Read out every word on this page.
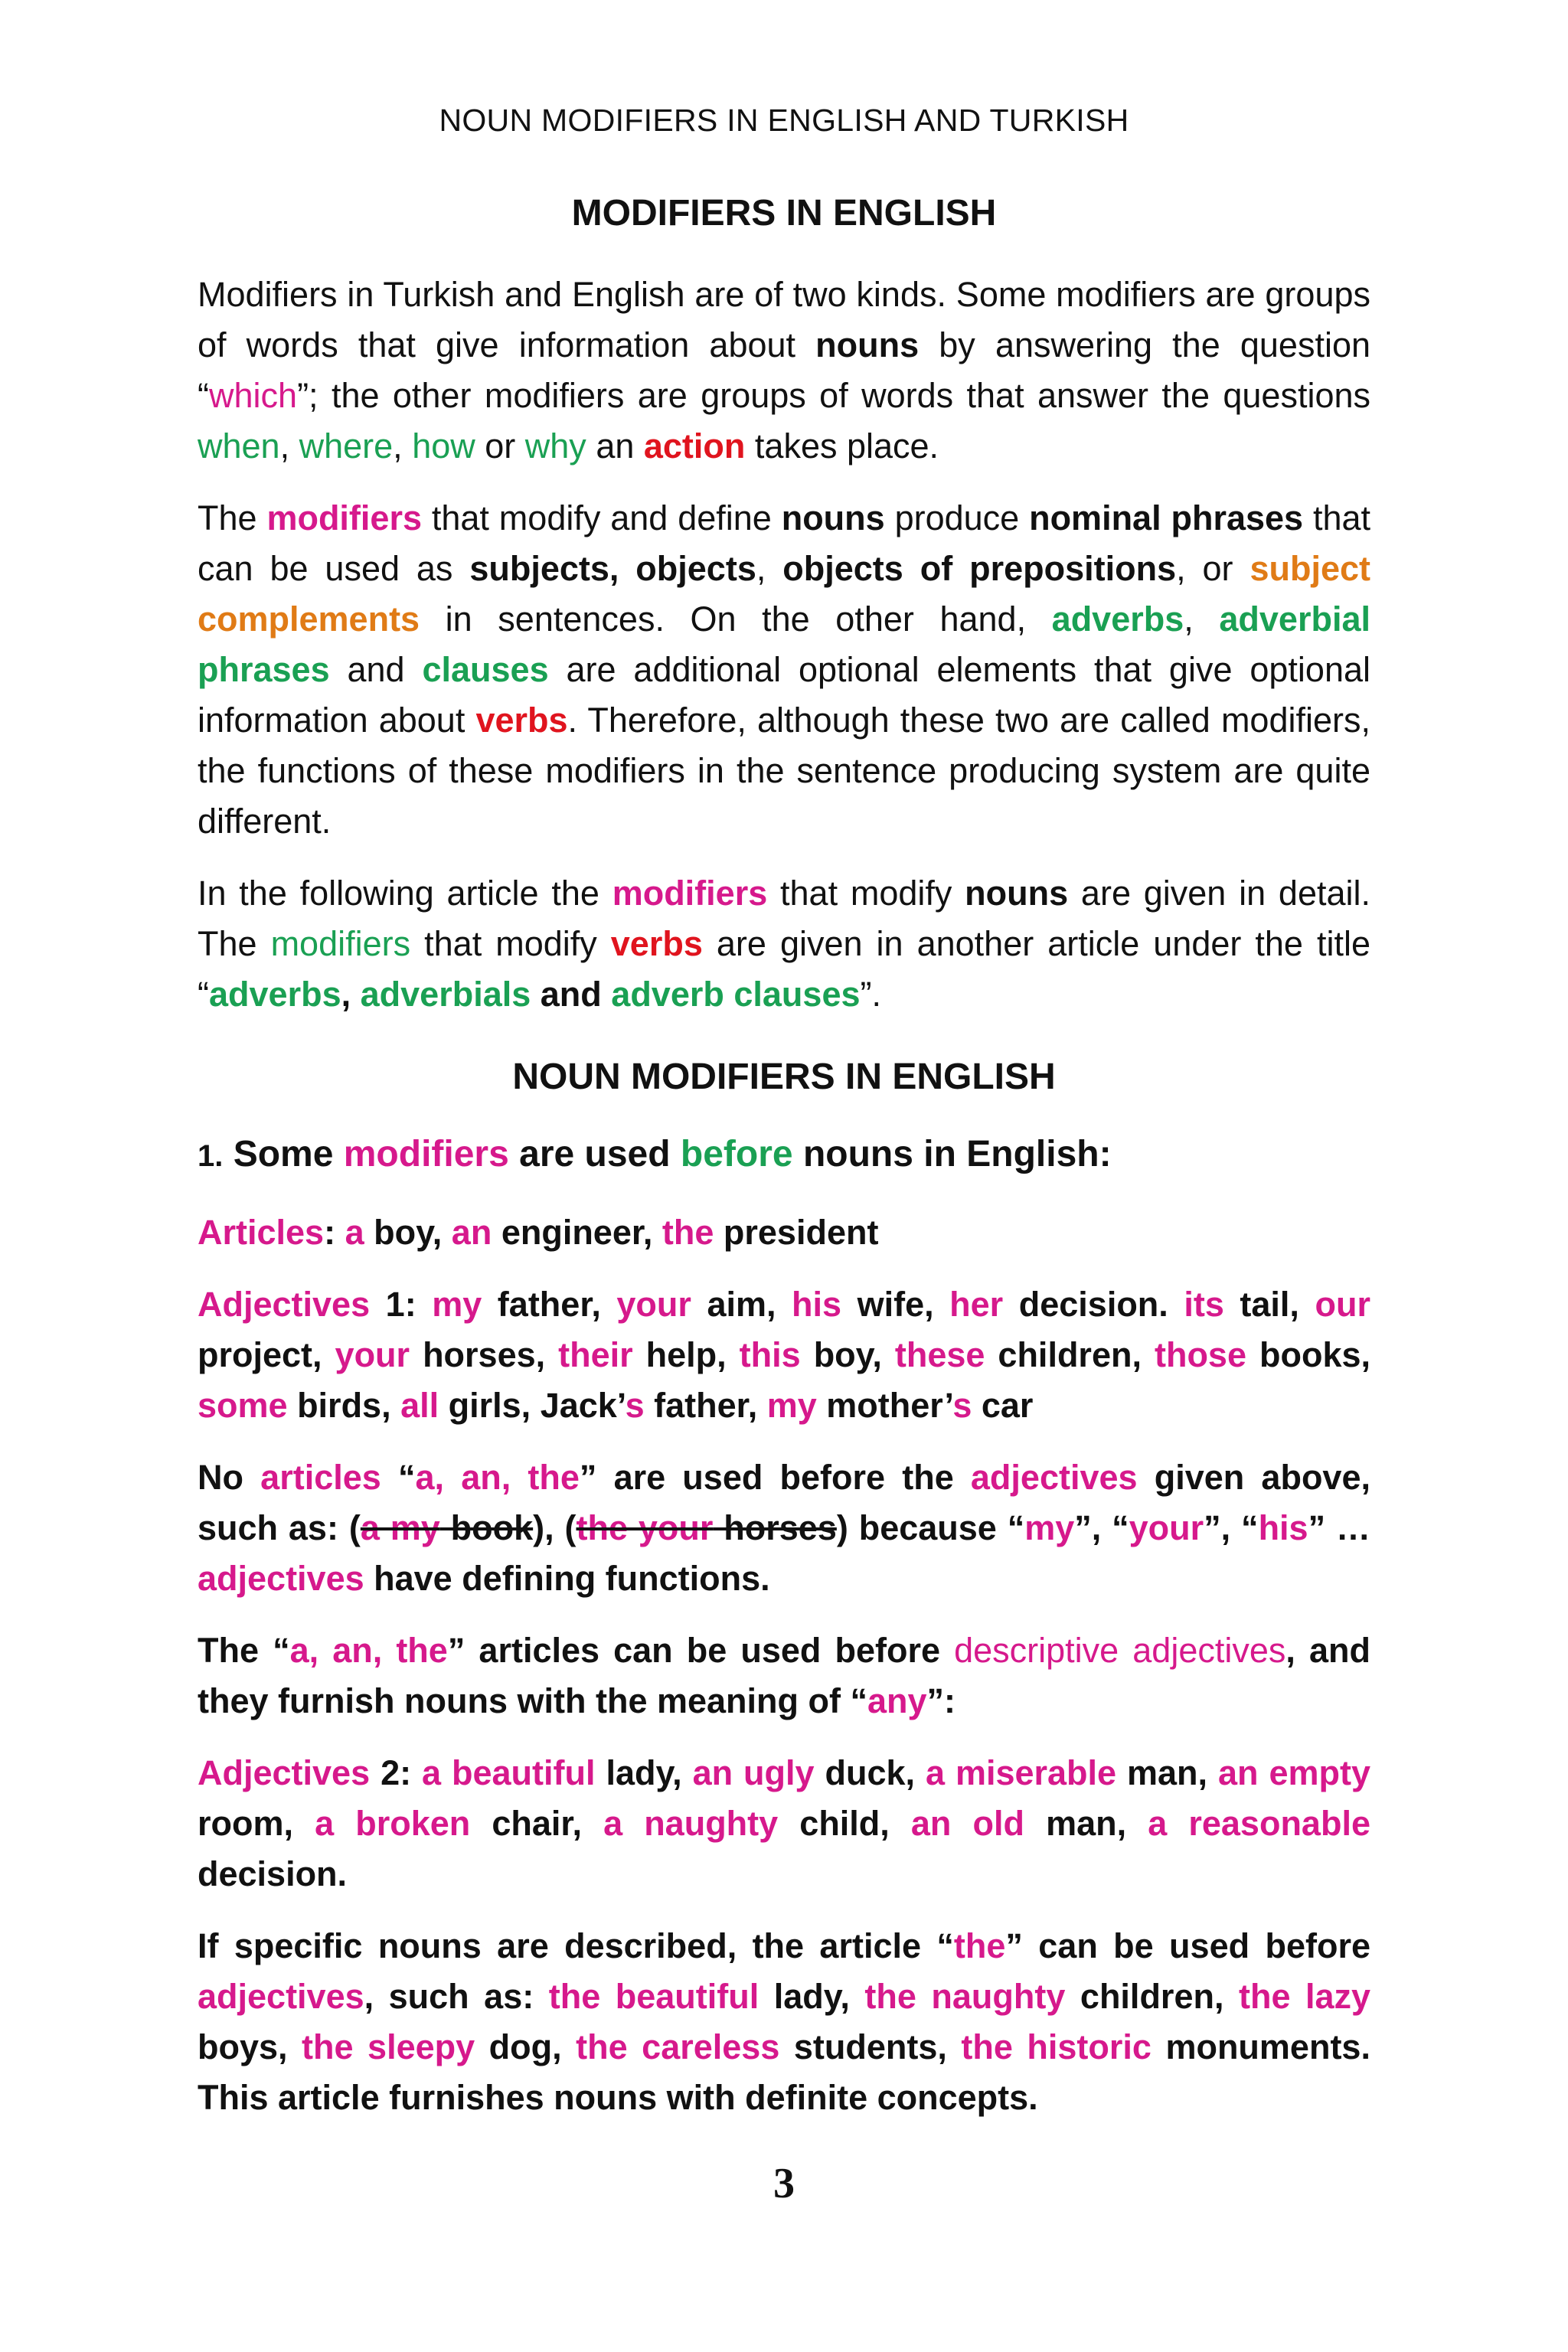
NOUN MODIFIERS IN ENGLISH AND TURKISH
MODIFIERS IN ENGLISH

Modifiers in Turkish and English are of two kinds. Some modifiers are groups of words that give information about nouns by answering the question “which”; the other modifiers are groups of words that answer the questions when, where, how or why an action takes place.

The modifiers that modify and define nouns produce nominal phrases that can be used as subjects, objects, objects of prepositions, or subject complements in sentences. On the other hand, adverbs, adverbial phrases and clauses are additional optional elements that give optional information about verbs. Therefore, although these two are called modifiers, the functions of these modifiers in the sentence producing system are quite different.

In the following article the modifiers that modify nouns are given in detail. The modifiers that modify verbs are given in another article under the title “adverbs, adverbials and adverb clauses”.

NOUN MODIFIERS IN ENGLISH
1. Some modifiers are used before nouns in English:

Articles: a boy, an engineer, the president

Adjectives 1: my father, your aim, his wife, her decision. its tail, our project, your horses, their help, this boy, these children, those books, some birds, all girls, Jack’s father, my mother’s car

No articles “a, an, the” are used before the adjectives given above, such as: (a my book), (the your horses) because “my”, “your”, “his” … adjectives have defining functions.

The “a, an, the” articles can be used before descriptive adjectives, and they furnish nouns with the meaning of “any”:

Adjectives 2: a beautiful lady, an ugly duck, a miserable man, an empty room, a broken chair, a naughty child, an old man, a reasonable decision.

If specific nouns are described, the article “the” can be used before adjectives, such as: the beautiful lady, the naughty children, the lazy boys, the sleepy dog, the careless students, the historic monuments. This article furnishes nouns with definite concepts.

3
